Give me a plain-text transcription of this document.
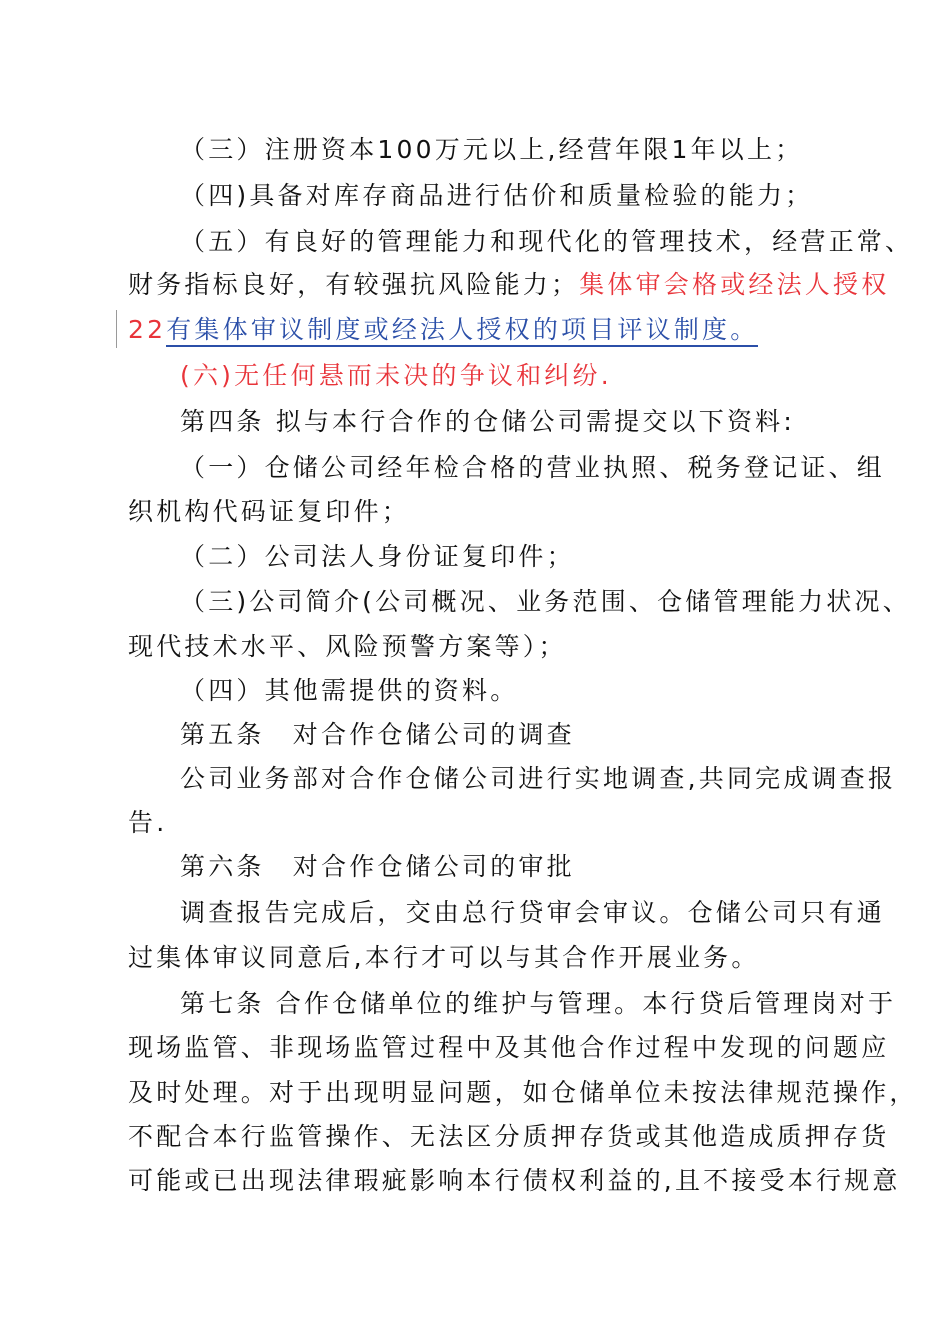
（三）注册资本100万元以上,经营年限1年以上；
（四)具备对库存商品进行估价和质量检验的能力；
（五）有良好的管理能力和现代化的管理技术，经营正常、
财务指标良好，有较强抗风险能力；集体审会格或经法人授权
22有集体审议制度或经法人授权的项目评议制度。
(六)无任何悬而未决的争议和纠纷.
第四条 拟与本行合作的仓储公司需提交以下资料:
（一）仓储公司经年检合格的营业执照、税务登记证、组
织机构代码证复印件；
（二）公司法人身份证复印件；
（三)公司简介(公司概况、业务范围、仓储管理能力状况、
现代技术水平、风险预警方案等）；
（四）其他需提供的资料。
第五条　对合作仓储公司的调查
公司业务部对合作仓储公司进行实地调查,共同完成调查报
告.
第六条　对合作仓储公司的审批
调查报告完成后，交由总行贷审会审议。仓储公司只有通
过集体审议同意后,本行才可以与其合作开展业务。
第七条 合作仓储单位的维护与管理。本行贷后管理岗对于
现场监管、非现场监管过程中及其他合作过程中发现的问题应
及时处理。对于出现明显问题，如仓储单位未按法律规范操作，
不配合本行监管操作、无法区分质押存货或其他造成质押存货
可能或已出现法律瑕疵影响本行债权利益的,且不接受本行规意
